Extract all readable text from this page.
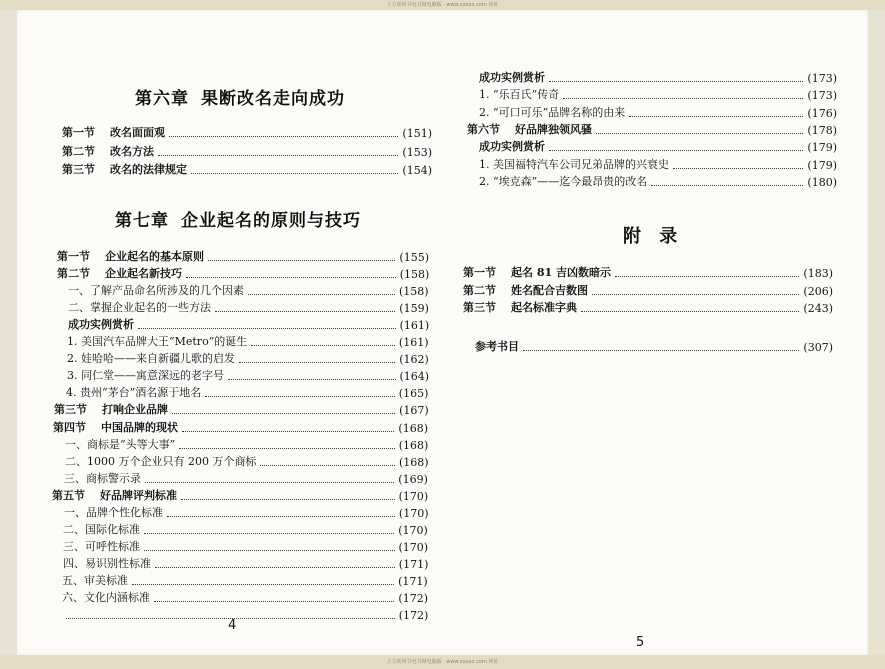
上方新网书电书城电脑版 · www.xxxxx.com 网址
第六章 果断改名走向成功
第一节	改名面面观	(151)
第二节	改名方法	(153)
第三节	改名的法律规定	(154)
第七章 企业起名的原则与技巧
第一节	企业起名的基本原则	(155)
第二节	企业起名新技巧	(158)
一、了解产品命名所涉及的几个因素	(158)
二、掌握企业起名的一些方法	(159)
成功实例赏析	(161)
1. 美国汽车品牌大王“Metro”的诞生	(161)
2. 娃哈哈——来自新疆儿歌的启发	(162)
3. 同仁堂——寓意深远的老字号	(164)
4. 贵州“茅台”酒名源于地名	(165)
第三节	打响企业品牌	(167)
第四节	中国品牌的现状	(168)
一、商标是“头等大事”	(168)
二、1000 万个企业只有 200 万个商标	(168)
三、商标警示录	(169)
第五节	好品牌评判标准	(170)
一、品牌个性化标准	(170)
二、国际化标准	(170)
三、可呼性标准	(170)
四、易识别性标准	(171)
五、审美标准	(171)
六、文化内涵标准	(172)
(172)
4
成功实例赏析	(173)
1. “乐百氏”传奇	(173)
2. “可口可乐”品牌名称的由来	(176)
第六节	好品牌独领风骚	(178)
成功实例赏析	(179)
1. 美国福特汽车公司兄弟品牌的兴衰史	(179)
2. “埃克森”——迄今最昂贵的改名	(180)
附 录
第一节	起名 81 吉凶数暗示	(183)
第二节	姓名配合吉数图	(206)
第三节	起名标准字典	(243)
参考书目	(307)
5
上方新网书电书城电脑版 · www.xxxxx.com 网址
